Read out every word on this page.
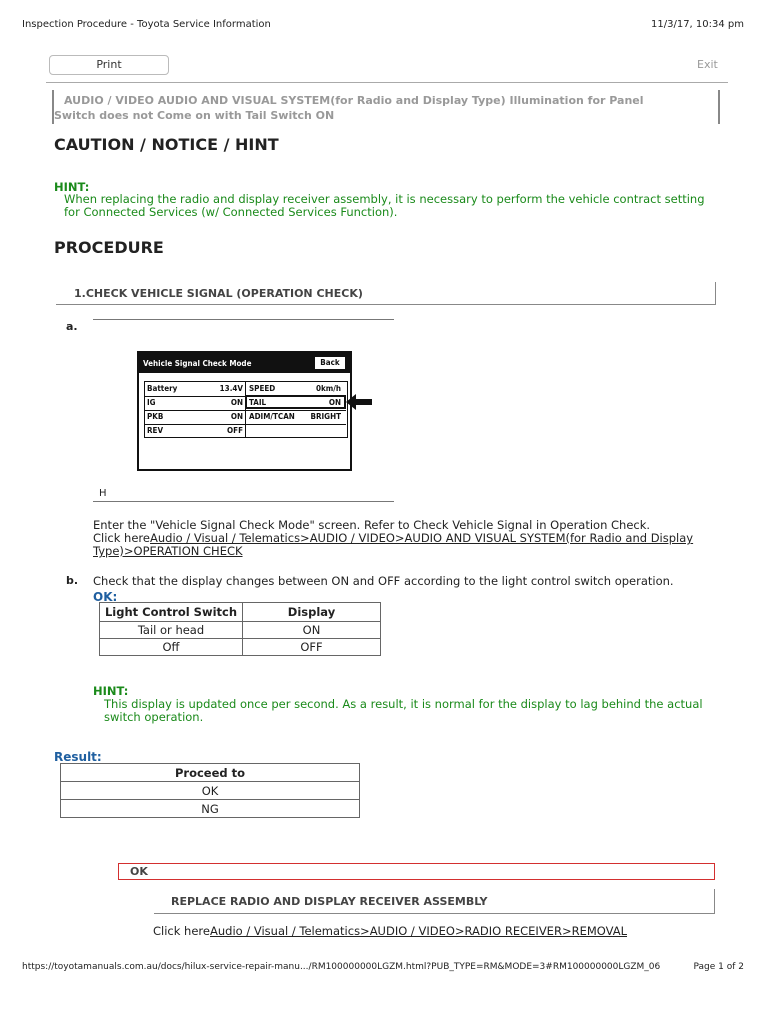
Inspection Procedure - Toyota Service Information	11/3/17, 10:34 pm
Print	Exit
AUDIO / VIDEO AUDIO AND VISUAL SYSTEM(for Radio and Display Type) Illumination for Panel
Switch does not Come on with Tail Switch ON
CAUTION / NOTICE / HINT
HINT:
When replacing the radio and display receiver assembly, it is necessary to perform the vehicle contract setting
for Connected Services (w/ Connected Services Function).
PROCEDURE
1.CHECK VEHICLE SIGNAL (OPERATION CHECK)
a.
Vehicle Signal Check Mode	Back
Battery	13.4V SPEED	0km/h
IG	ON TAIL	ON
PKB	ON ADIM/TCAN BRIGHT
REV	OFF
H
Enter the "Vehicle Signal Check Mode" screen. Refer to Check Vehicle Signal in Operation Check.
Click hereAudio / Visual / Telematics>AUDIO / VIDEO>AUDIO AND VISUAL SYSTEM(for Radio and Display
Type)>OPERATION CHECK
b. Check that the display changes between ON and OFF according to the light control switch operation.
OK:
Light Control Switch	Display
Tail or head	ON
Off	OFF
HINT:
This display is updated once per second. As a result, it is normal for the display to lag behind the actual
switch operation.
Result:
Proceed to
OK
NG
OK
REPLACE RADIO AND DISPLAY RECEIVER ASSEMBLY
Click hereAudio / Visual / Telematics>AUDIO / VIDEO>RADIO RECEIVER>REMOVAL
https://toyotamanuals.com.au/docs/hilux-service-repair-manu.../RM100000000LGZM.html?PUB_TYPE=RM&MODE=3#RM100000000LGZM_06	Page 1 of 2
